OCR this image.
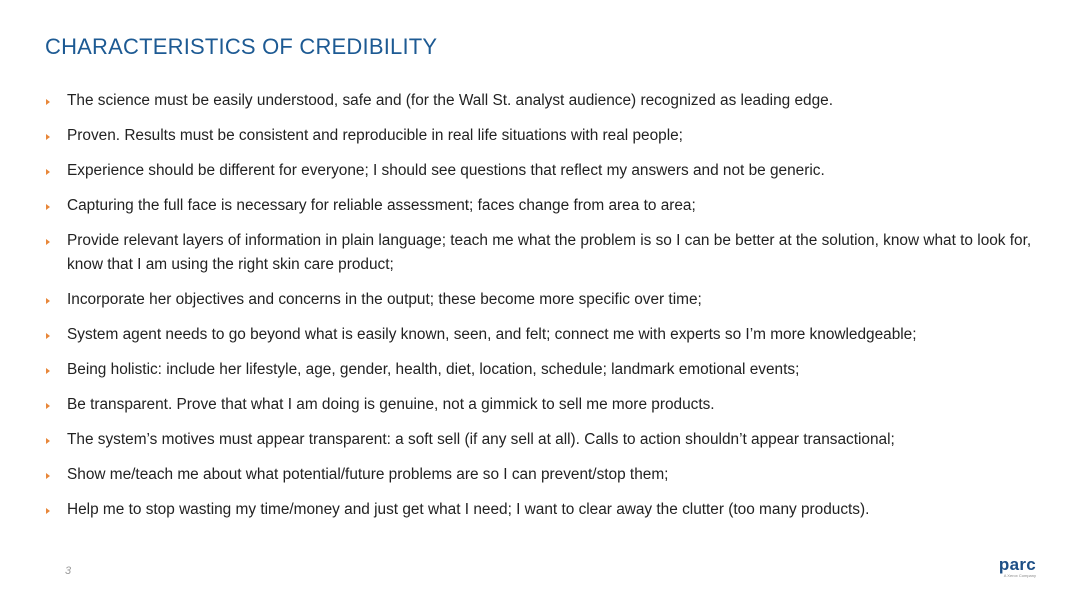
CHARACTERISTICS OF CREDIBILITY
The science must be easily understood, safe and (for the Wall St. analyst audience) recognized as leading edge.
Proven. Results must be consistent and reproducible in real life situations with real people;
Experience should be different for everyone; I should see questions that reflect my answers and not be generic.
Capturing the full face is necessary for reliable assessment; faces change from area to area;
Provide relevant layers of information in plain language; teach me what the problem is so I can be better at the solution, know what to look for, know that I am using the right skin care product;
Incorporate her objectives and concerns in the output; these become more specific over time;
System agent needs to go beyond what is easily known, seen, and felt; connect me with experts so I’m more knowledgeable;
Being holistic: include her lifestyle, age, gender, health, diet, location, schedule; landmark emotional events;
Be transparent. Prove that what I am doing is genuine, not a gimmick to sell me more products.
The system’s motives must appear transparent: a soft sell (if any sell at all). Calls to action shouldn’t appear transactional;
Show me/teach me about what potential/future problems are so I can prevent/stop them;
Help me to stop wasting my time/money and just get what I need; I want to clear away the clutter (too many products).
3	parc
A Xerox Company
